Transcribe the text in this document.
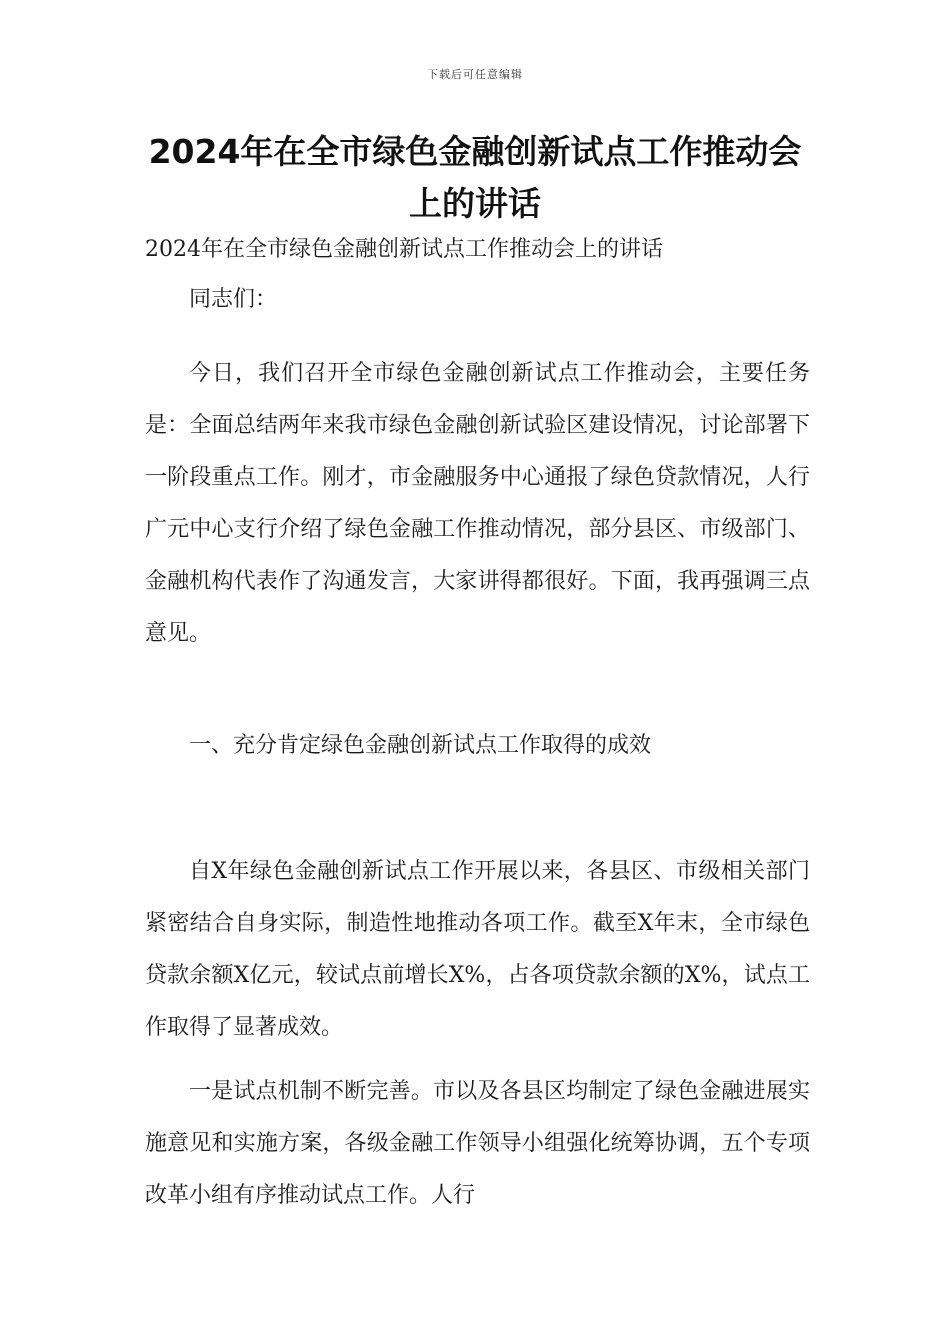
下载后可任意编辑
2024年在全市绿色金融创新试点工作推动会上的讲话
2024年在全市绿色金融创新试点工作推动会上的讲话

同志们：

今日，我们召开全市绿色金融创新试点工作推动会，主要任务是：全面总结两年来我市绿色金融创新试验区建设情况，讨论部署下一阶段重点工作。刚才，市金融服务中心通报了绿色贷款情况，人行广元中心支行介绍了绿色金融工作推动情况，部分县区、市级部门、金融机构代表作了沟通发言，大家讲得都很好。下面，我再强调三点意见。

一、充分肯定绿色金融创新试点工作取得的成效

自X年绿色金融创新试点工作开展以来，各县区、市级相关部门紧密结合自身实际，制造性地推动各项工作。截至X年末，全市绿色贷款余额X亿元，较试点前增长X%，占各项贷款余额的X%，试点工作取得了显著成效。

一是试点机制不断完善。市以及各县区均制定了绿色金融进展实施意见和实施方案，各级金融工作领导小组强化统筹协调，五个专项改革小组有序推动试点工作。人行
